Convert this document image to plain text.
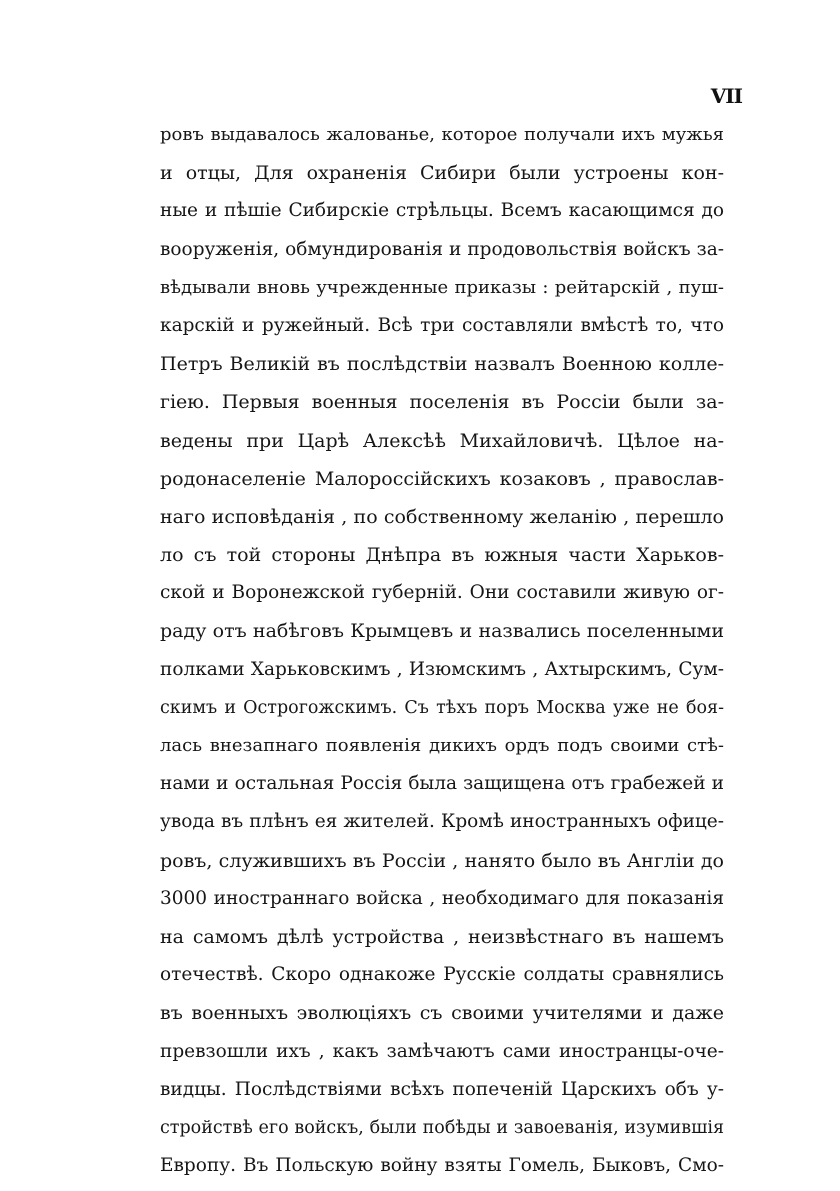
VII
ровъ выдавалось жалованье, которое получали ихъ мужья
и отцы, Для охраненія Сибири были устроены кон-
ные и пѣшіе Сибирскіе стрѣльцы. Всемъ касающимся до
вооруженія, обмундированія и продовольствія войскъ за-
вѣдывали вновь учрежденные приказы : рейтарскій , пуш-
карскій и ружейный. Всѣ три составляли вмѣстѣ то, что
Петръ Великій въ послѣдствіи назвалъ Военною колле-
гіею. Первыя военныя поселенія въ Россіи были за-
ведены при Царѣ Алексѣѣ Михайловичѣ. Цѣлое на-
родонаселеніе Малороссійскихъ козаковъ , православ-
наго исповѣданія , по собственному желанію , перешло
ло съ той стороны Днѣпра въ южныя части Харьков-
ской и Воронежской губерній. Они составили живую ог-
раду отъ набѣговъ Крымцевъ и назвались поселенными
полками Харьковскимъ , Изюмскимъ , Ахтырскимъ, Сум-
скимъ и Острогожскимъ. Съ тѣхъ поръ Москва уже не боя-
лась внезапнаго появленія дикихъ ордъ подъ своими стѣ-
нами и остальная Россія была защищена отъ грабежей и
увода въ плѣнъ ея жителей. Кромѣ иностранныхъ офице-
ровъ, служившихъ въ Россіи , нанято было въ Англіи до
3000 иностраннаго войска , необходимаго для показанія
на самомъ дѣлѣ устройства , неизвѣстнаго въ нашемъ
отечествѣ. Скоро однакоже Русскіе солдаты сравнялись
въ военныхъ эволюціяхъ съ своими учителями и даже
превзошли ихъ , какъ замѣчаютъ сами иностранцы-оче-
видцы. Послѣдствіями всѣхъ попеченій Царскихъ объ у-
стройствѣ его войскъ, были побѣды и завоеванія, изумившія
Европу. Въ Польскую войну взяты Гомель, Быковъ, Смо-
